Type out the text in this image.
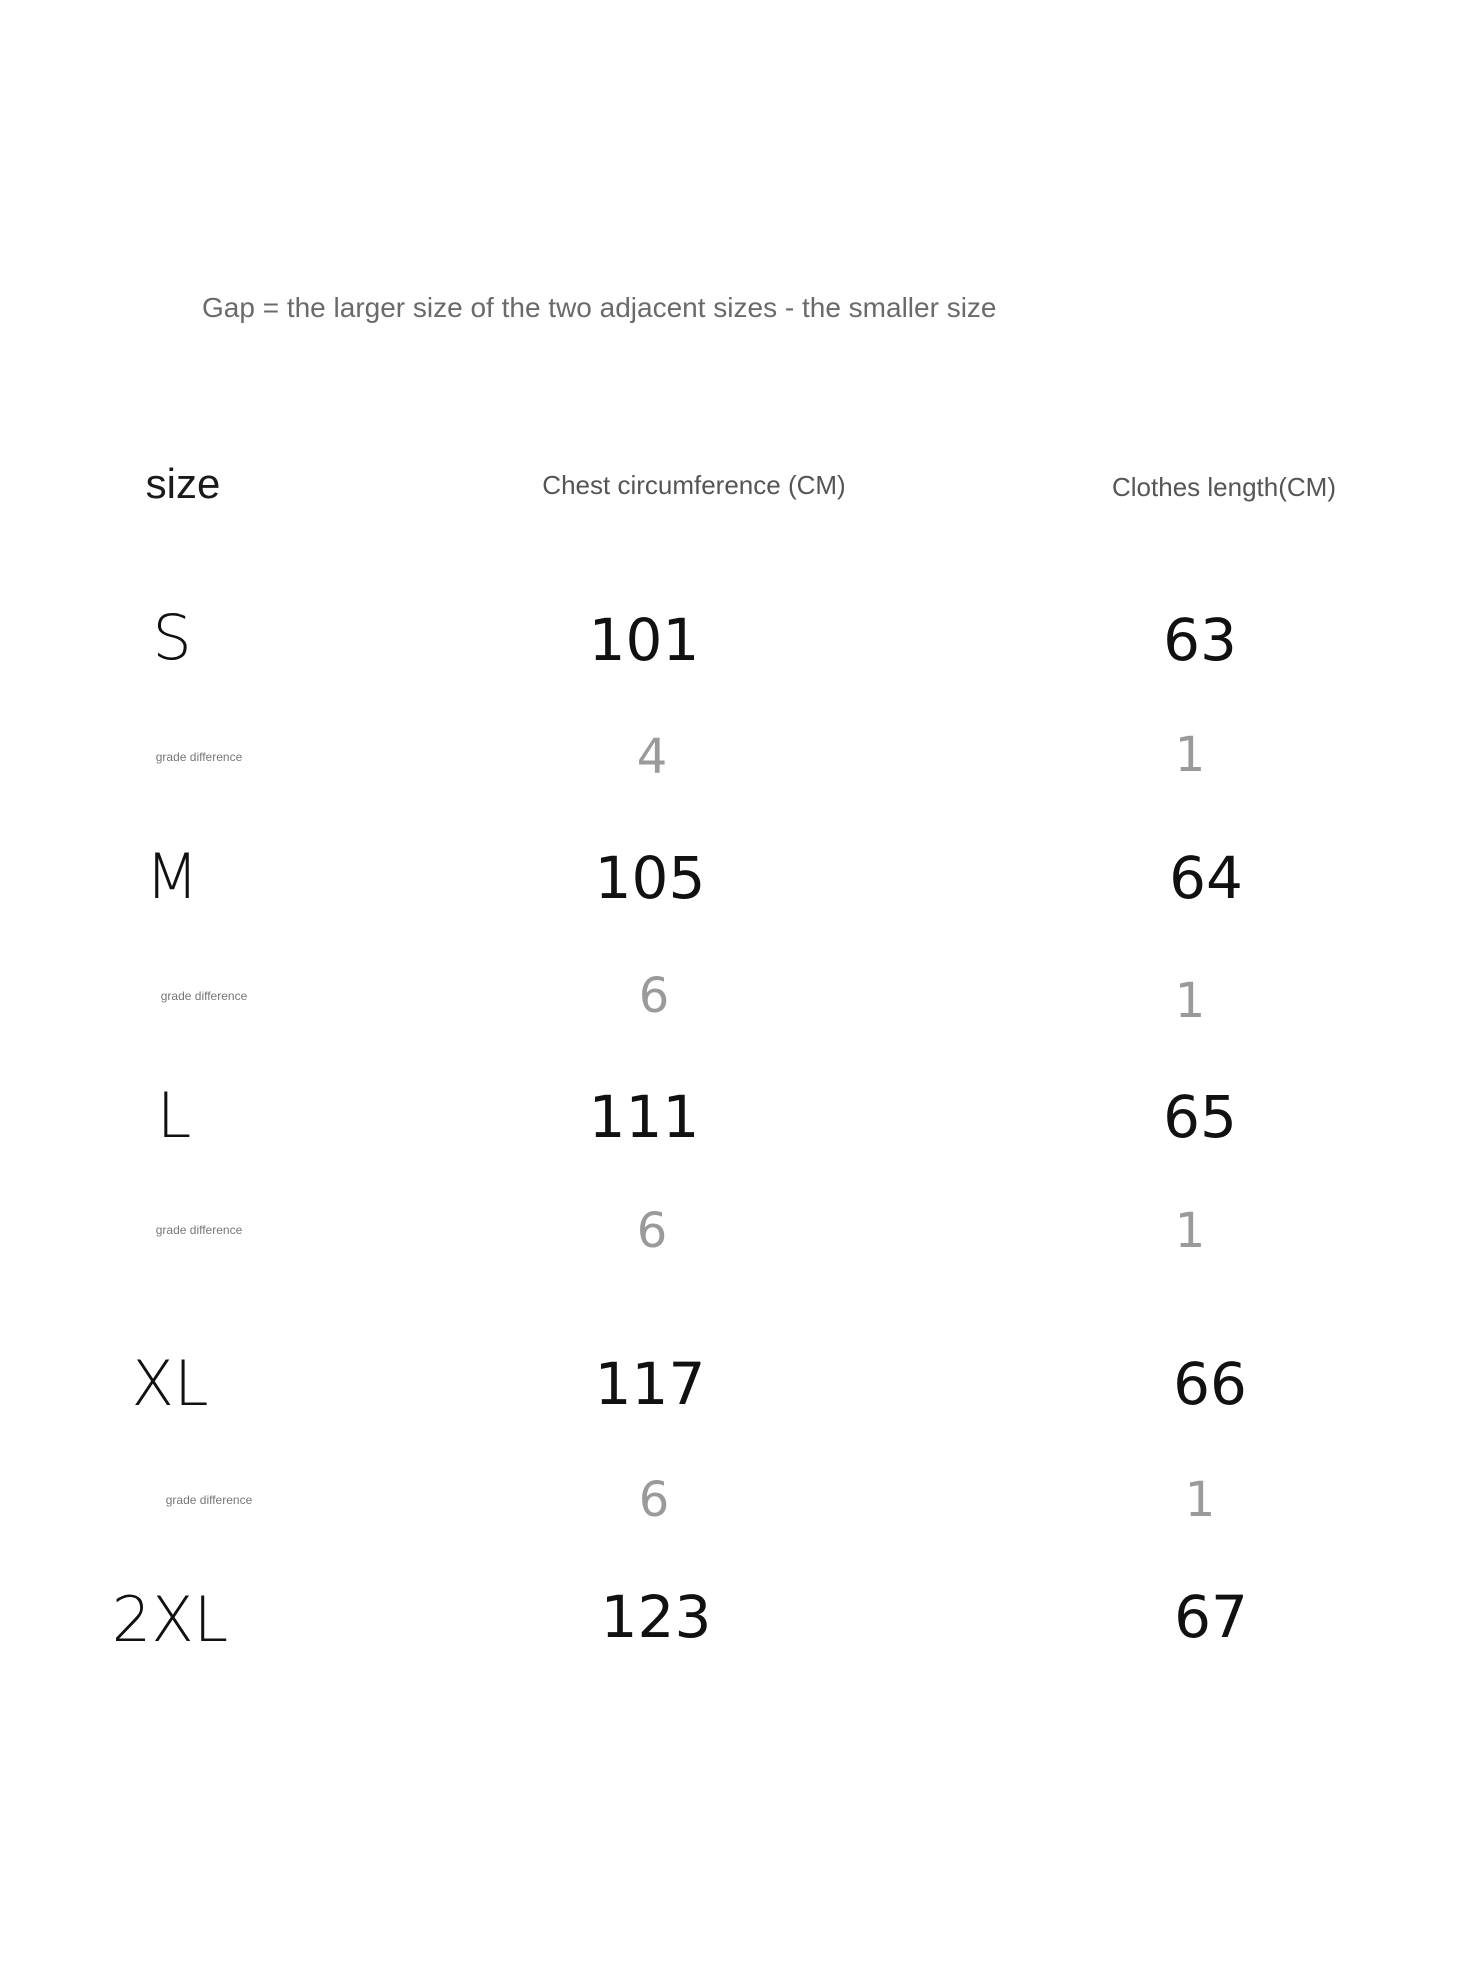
Gap = the larger size of the two adjacent sizes - the smaller size
size	Chest circumference (CM)	Clothes length(CM)
S	101	63
grade difference	4	1
M	105	64
grade difference	6	1
L	111	65
grade difference	6	1
XL	117	66
grade difference	6	1
2XL	123	67
